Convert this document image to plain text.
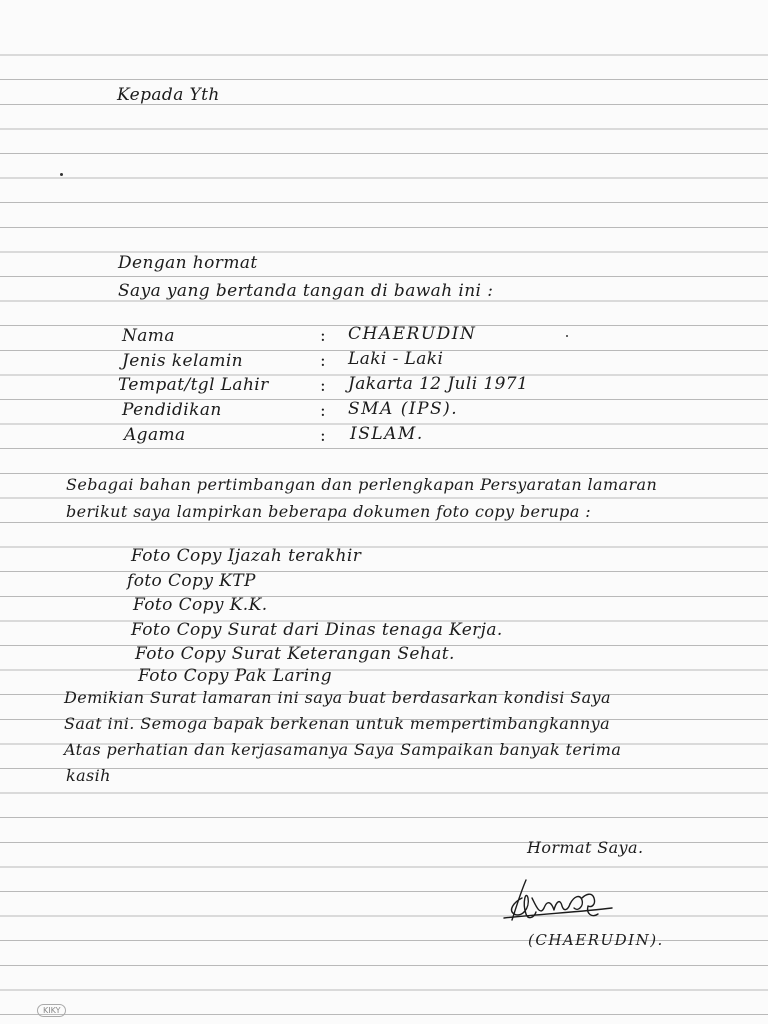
Kepada Yth
Dengan hormat
Saya yang bertanda tangan di bawah ini :
Nama	: CHAERUDIN
Jenis kelamin	: Laki - Laki
Tempat/tgl Lahir	: Jakarta 12 Juli 1971
Pendidikan	: SMA (IPS).
Agama	: ISLAM.
Sebagai bahan pertimbangan dan perlengkapan Persyaratan lamaran
berikut saya lampirkan beberapa dokumen foto copy berupa :
Foto Copy Ijazah terakhir
foto Copy KTP
Foto Copy K.K.
Foto Copy Surat dari Dinas tenaga Kerja.
Foto Copy Surat Keterangan Sehat.
Foto Copy Pak Laring
Demikian Surat lamaran ini saya buat berdasarkan kondisi Saya
Saat ini. Semoga bapak berkenan untuk mempertimbangkannya
Atas perhatian dan kerjasamanya Saya Sampaikan banyak terima
kasih
Hormat Saya.
(CHAERUDIN).
KIKY
